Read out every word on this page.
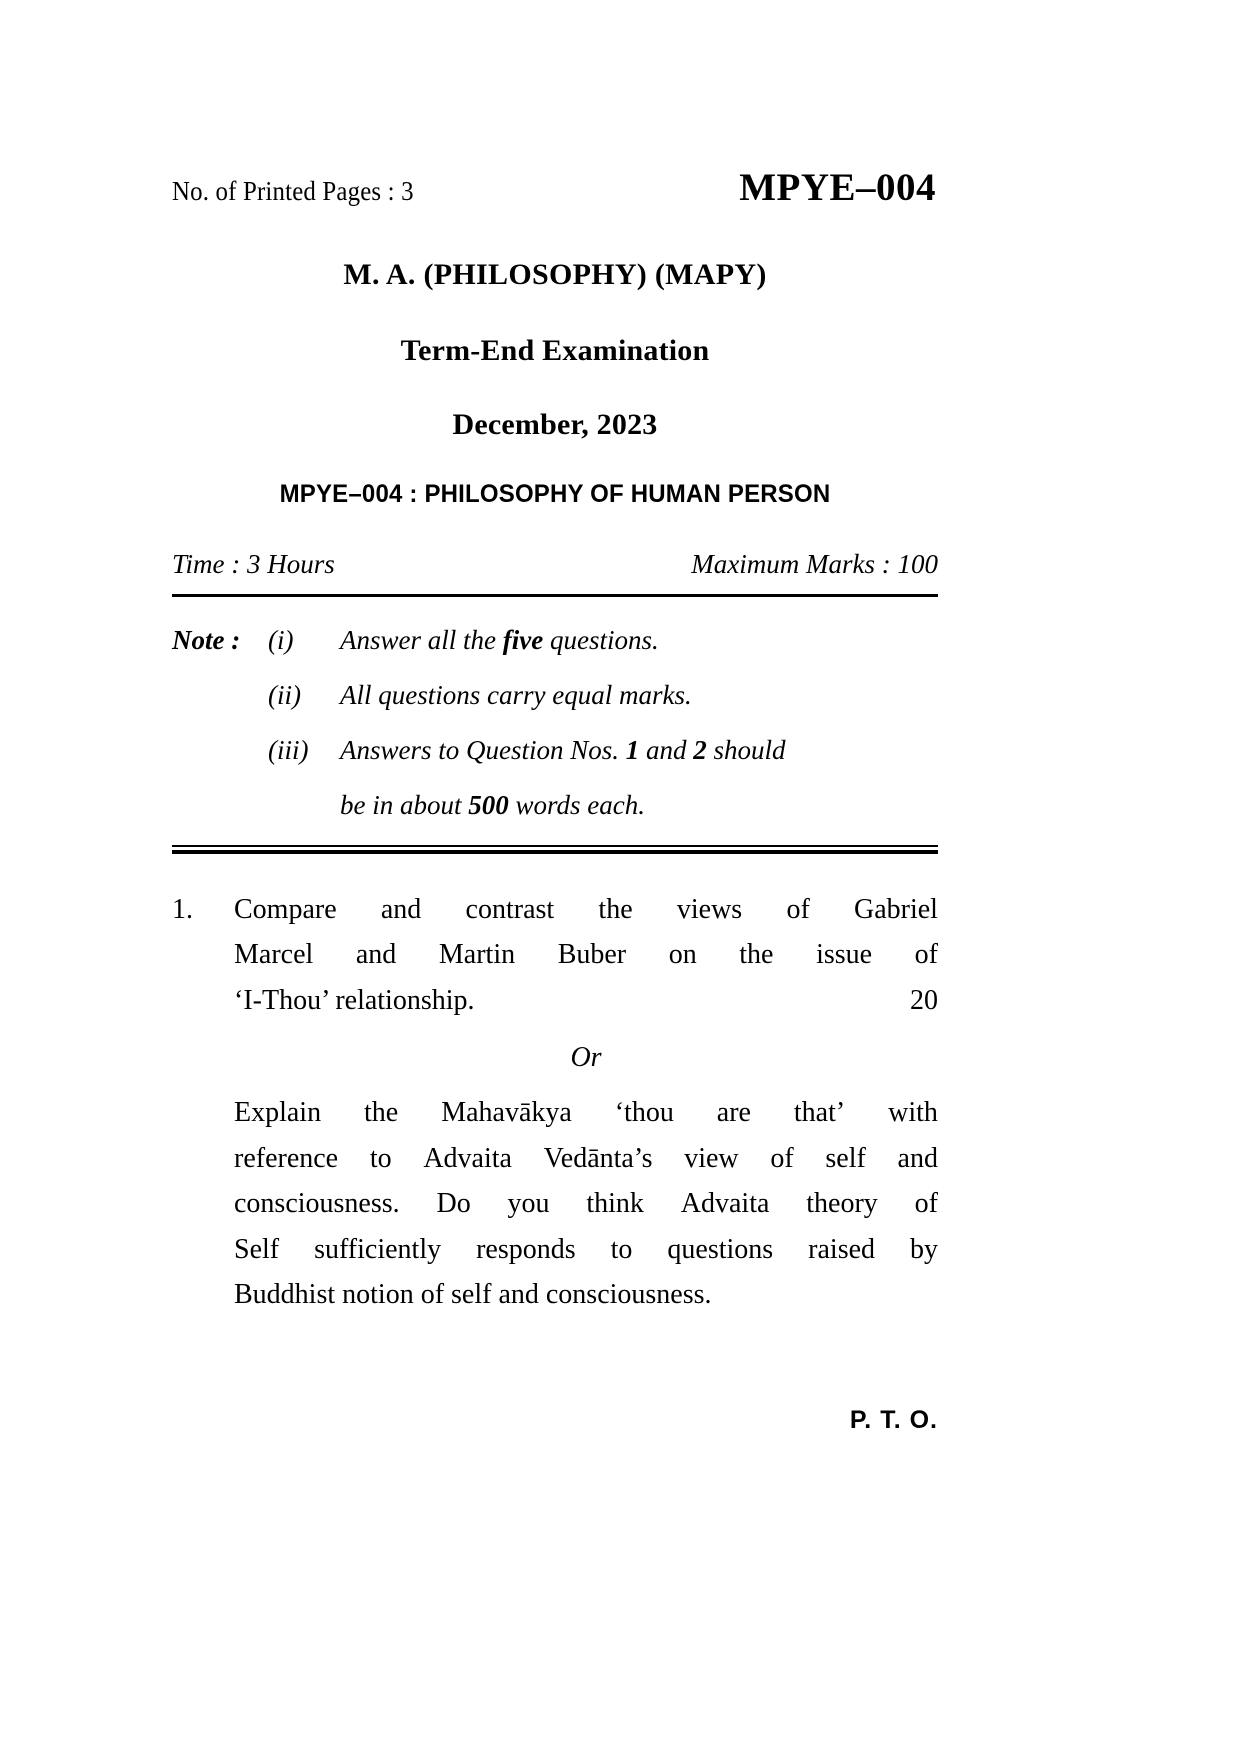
No. of Printed Pages : 3	MPYE–004
M. A. (PHILOSOPHY) (MAPY)
Term-End Examination
December, 2023
MPYE–004 : PHILOSOPHY OF HUMAN PERSON
Time : 3 Hours	Maximum Marks : 100
Note :	(i)	Answer all the five questions.
(ii)	All questions carry equal marks.
(iii)	Answers to Question Nos. 1 and 2 should
be in about 500 words each.
1.	Compare and contrast the views of Gabriel
Marcel and Martin Buber on the issue of
‘I-Thou’ relationship.	20
Or
Explain the Mahavākya ‘thou are that’ with
reference to Advaita Vedānta’s view of self and
consciousness. Do you think Advaita theory of
Self sufficiently responds to questions raised by
Buddhist notion of self and consciousness.
P. T. O.
